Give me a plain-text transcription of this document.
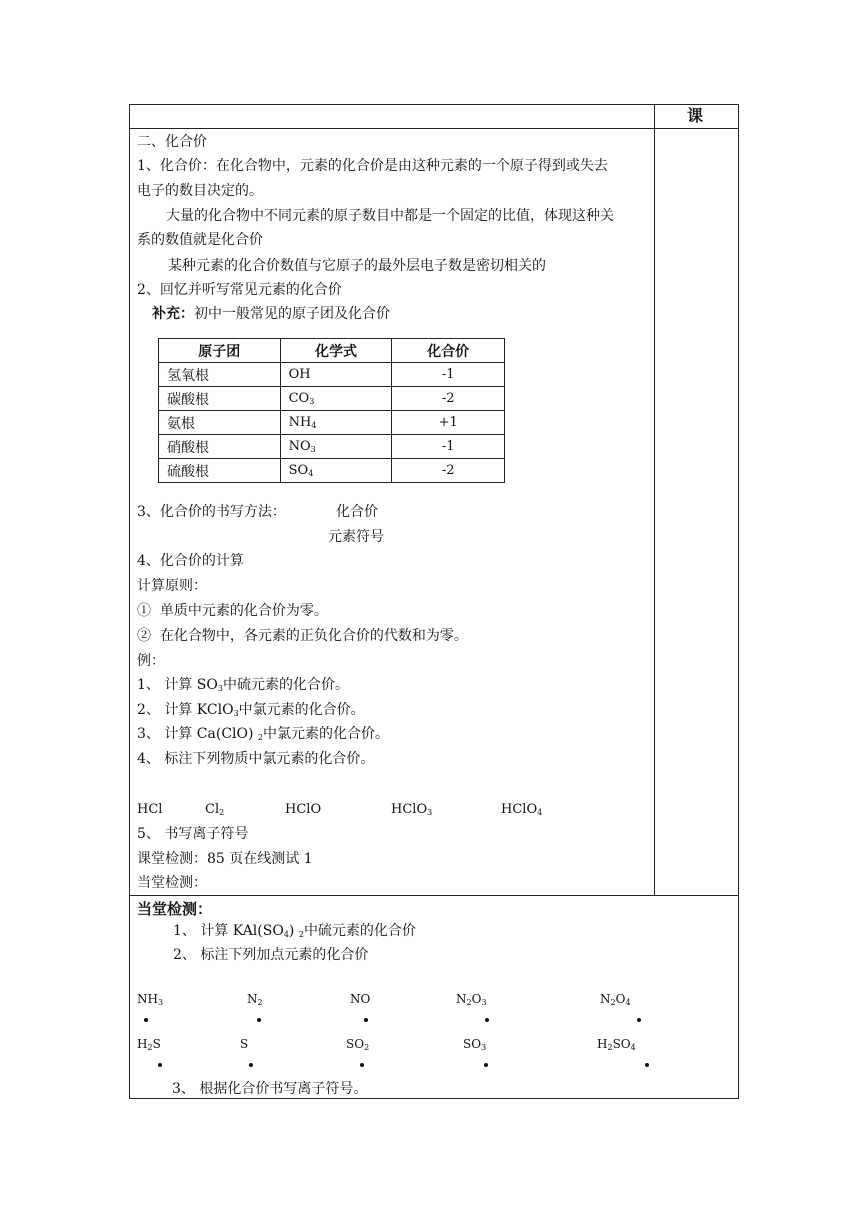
课
二、化合价
1、化合价：在化合物中，元素的化合价是由这种元素的一个原子得到或失去
电子的数目决定的。
大量的化合物中不同元素的原子数目中都是一个固定的比值，体现这种关
系的数值就是化合价
某种元素的化合价数值与它原子的最外层电子数是密切相关的
2、回忆并听写常见元素的化合价
补充：初中一般常见的原子团及化合价
原子团	化学式	化合价
氢氧根	OH	-1
碳酸根	$CO_3$	-2
氨根	$NH_4$	+1
硝酸根	$NO_3$	-1
硫酸根	$SO_4$	-2
3、化合价的书写方法：	化合价
元素符号
4、化合价的计算
计算原则：
① 单质中元素的化合价为零。
② 在化合物中，各元素的正负化合价的代数和为零。
例：
1、 计算 $SO_3$中硫元素的化合价。
2、 计算 KClO$_3$中氯元素的化合价。
3、 计算 Ca(ClO) $_2$中氯元素的化合价。
4、 标注下列物质中氯元素的化合价。
HCl	$Cl_2$	HClO	HClO$_3$	HClO$_4$
5、 书写离子符号
课堂检测：85 页在线测试 1
当堂检测：
当堂检测：
1、 计算 $KAl(SO_4)$ $_2$中硫元素的化合价
2、 标注下列加点元素的化合价
$NH_3$	$N_2$	NO	$N_2O_3$	$N_2O_4$
$H_2S$	S	$SO_2$	$SO_3$	$H_2SO_4$
3、 根据化合价书写离子符号。
